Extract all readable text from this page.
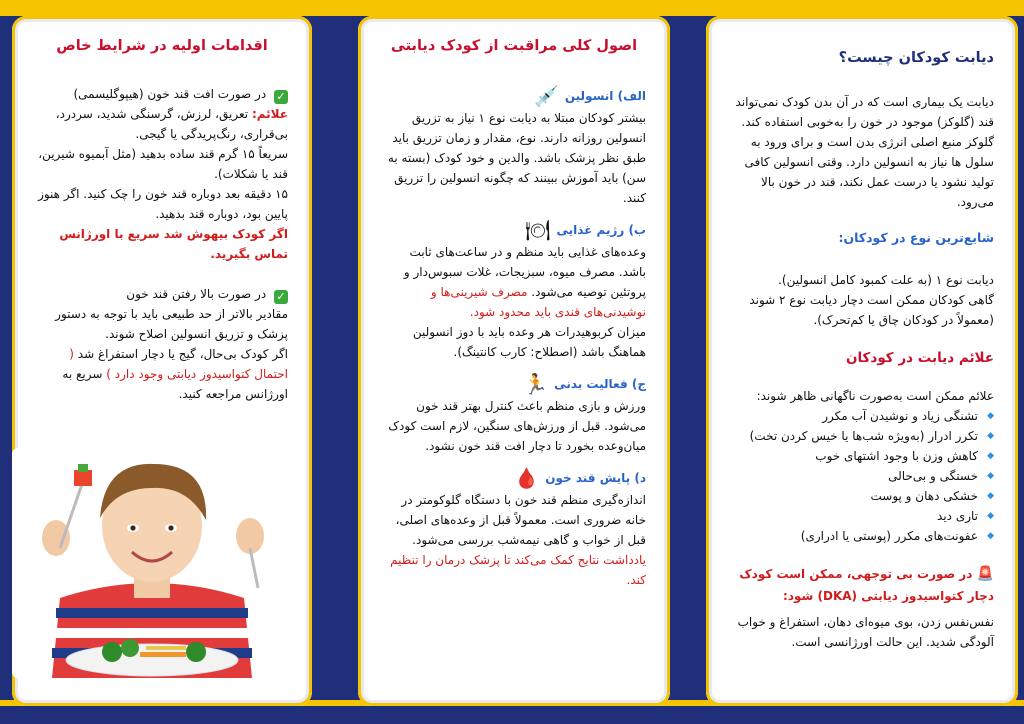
دیابت کودکان چیست؟

دیابت یک بیماری است که در آن بدن کودک نمی‌تواند قند (گلوکز) موجود در خون را به‌خوبی استفاده کند. گلوکز منبع اصلی انرژی بدن است و برای ورود به سلول ها نیاز به انسولین دارد. وقتی انسولین کافی تولید نشود یا درست عمل نکند، قند در خون بالا می‌رود.

شایع‌ترین نوع در کودکان:

دیابت نوع ۱ (به علت کمبود کامل انسولین).

گاهی کودکان ممکن است دچار دیابت نوع ۲ شوند (معمولاً در کودکان چاق یا کم‌تحرک).

علائم دیابت در کودکان

علائم ممکن است به‌صورت ناگهانی ظاهر شوند:

◆ تشنگی زیاد و نوشیدن آب مکرر
◆ تکرر ادرار (به‌ویژه شب‌ها یا خیس کردن تخت)
◆ کاهش وزن با وجود اشتهای خوب
◆ خستگی و بی‌حالی
◆ خشکی دهان و پوست
◆ تاری دید
◆ عفونت‌های مکرر (پوستی یا ادراری)

🚨 در صورت بی توجهی، ممکن است کودک دچار کتواسیدوز دیابتی (DKA) شود:

نفس‌نفس زدن، بوی میوه‌ای دهان، استفراغ و خواب آلودگی شدید. این حالت اورژانسی است.

اصول کلی مراقبت از کودک دیابتی
الف) انسولین
💉

بیشتر کودکان مبتلا به دیابت نوع ۱ نیاز به تزریق انسولین روزانه دارند. نوع، مقدار و زمان تزریق باید طبق نظر پزشک باشد. والدین و خود کودک (بسته به سن) باید آموزش ببینند که چگونه انسولین را تزریق کنند.

ب) رژیم غذایی
🍽

وعده‌های غذایی باید منظم و در ساعت‌های ثابت باشد. مصرف میوه، سبزیجات، غلات سبوس‌دار و پروتئین توصیه می‌شود. مصرف شیرینی‌ها و نوشیدنی‌های قندی باید محدود شود.

میزان کربوهیدرات هر وعده باید با دوز انسولین هماهنگ باشد (اصطلاح: کارب کانتینگ).

ج) فعالیت بدنی
🏃

ورزش و بازی منظم باعث کنترل بهتر قند خون می‌شود. قبل از ورزش‌های سنگین، لازم است کودک میان‌وعده بخورد تا دچار افت قند خون نشود.

د) پایش قند خون
🩸

اندازه‌گیری منظم قند خون با دستگاه گلوکومتر در خانه ضروری است. معمولاً قبل از وعده‌های اصلی، قبل از خواب و گاهی نیمه‌شب بررسی می‌شود.

یادداشت نتایج کمک می‌کند تا پزشک درمان را تنظیم کند.

اقدامات اولیه در شرایط خاص

✓ در صورت افت قند خون (هیپوگلیسمی)

علائم: تعریق، لرزش، گرسنگی شدید، سردرد، بی‌قراری، رنگ‌پریدگی یا گیجی.

سریعاً ۱۵ گرم قند ساده بدهید (مثل آبمیوه شیرین، قند یا شکلات).

۱۵ دقیقه بعد دوباره قند خون را چک کنید. اگر هنوز پایین بود، دوباره قند بدهید.

اگر کودک بیهوش شد سریع با اورژانس تماس بگیرید.

✓ در صورت بالا رفتن قند خون

مقادیر بالاتر از حد طبیعی باید با توجه به دستور پزشک و تزریق انسولین اصلاح شوند.

اگر کودک بی‌حال، گیج یا دچار استفراغ شد ( احتمال کتواسیدوز دیابتی وجود دارد ) سریع به اورژانس مراجعه کنید.
